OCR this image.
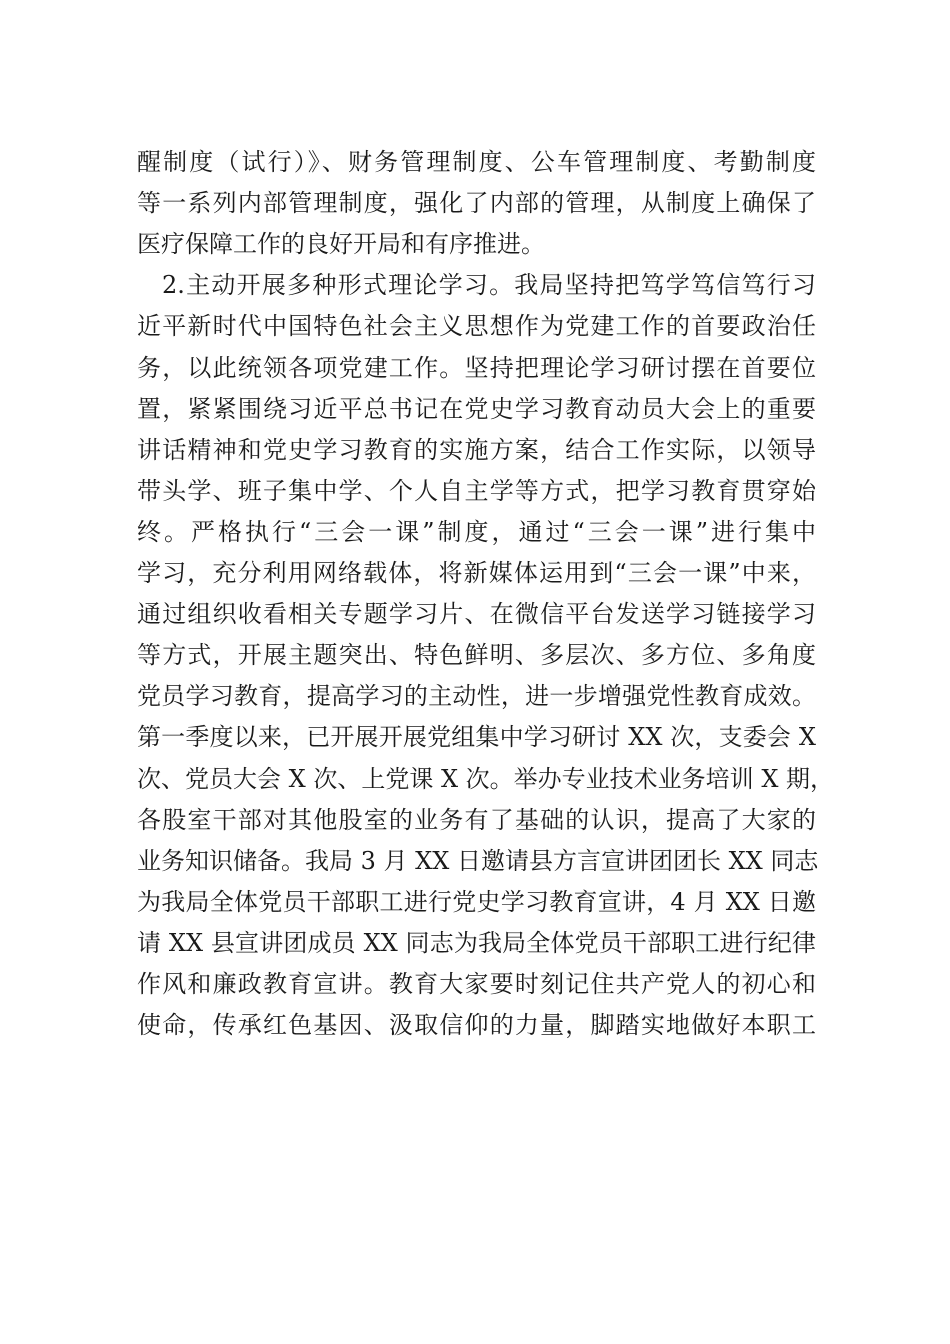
醒制度（试行）》、财务管理制度、公车管理制度、考勤制度
等一系列内部管理制度，强化了内部的管理，从制度上确保了
医疗保障工作的良好开局和有序推进。
2.主动开展多种形式理论学习。我局坚持把笃学笃信笃行习
近平新时代中国特色社会主义思想作为党建工作的首要政治任
务，以此统领各项党建工作。坚持把理论学习研讨摆在首要位
置，紧紧围绕习近平总书记在党史学习教育动员大会上的重要
讲话精神和党史学习教育的实施方案，结合工作实际，以领导
带头学、班子集中学、个人自主学等方式，把学习教育贯穿始
终。严格执行“三会一课”制度，通过“三会一课”进行集中
学习，充分利用网络载体，将新媒体运用到“三会一课”中来，
通过组织收看相关专题学习片、在微信平台发送学习链接学习
等方式，开展主题突出、特色鲜明、多层次、多方位、多角度
党员学习教育，提高学习的主动性，进一步增强党性教育成效。
第一季度以来，已开展开展党组集中学习研讨 XX 次，支委会 X
次、党员大会 X 次、上党课 X 次。举办专业技术业务培训 X 期，
各股室干部对其他股室的业务有了基础的认识，提高了大家的
业务知识储备。我局 3 月 XX 日邀请县方言宣讲团团长 XX 同志
为我局全体党员干部职工进行党史学习教育宣讲，4 月 XX 日邀
请 XX 县宣讲团成员 XX 同志为我局全体党员干部职工进行纪律
作风和廉政教育宣讲。教育大家要时刻记住共产党人的初心和
使命，传承红色基因、汲取信仰的力量，脚踏实地做好本职工
